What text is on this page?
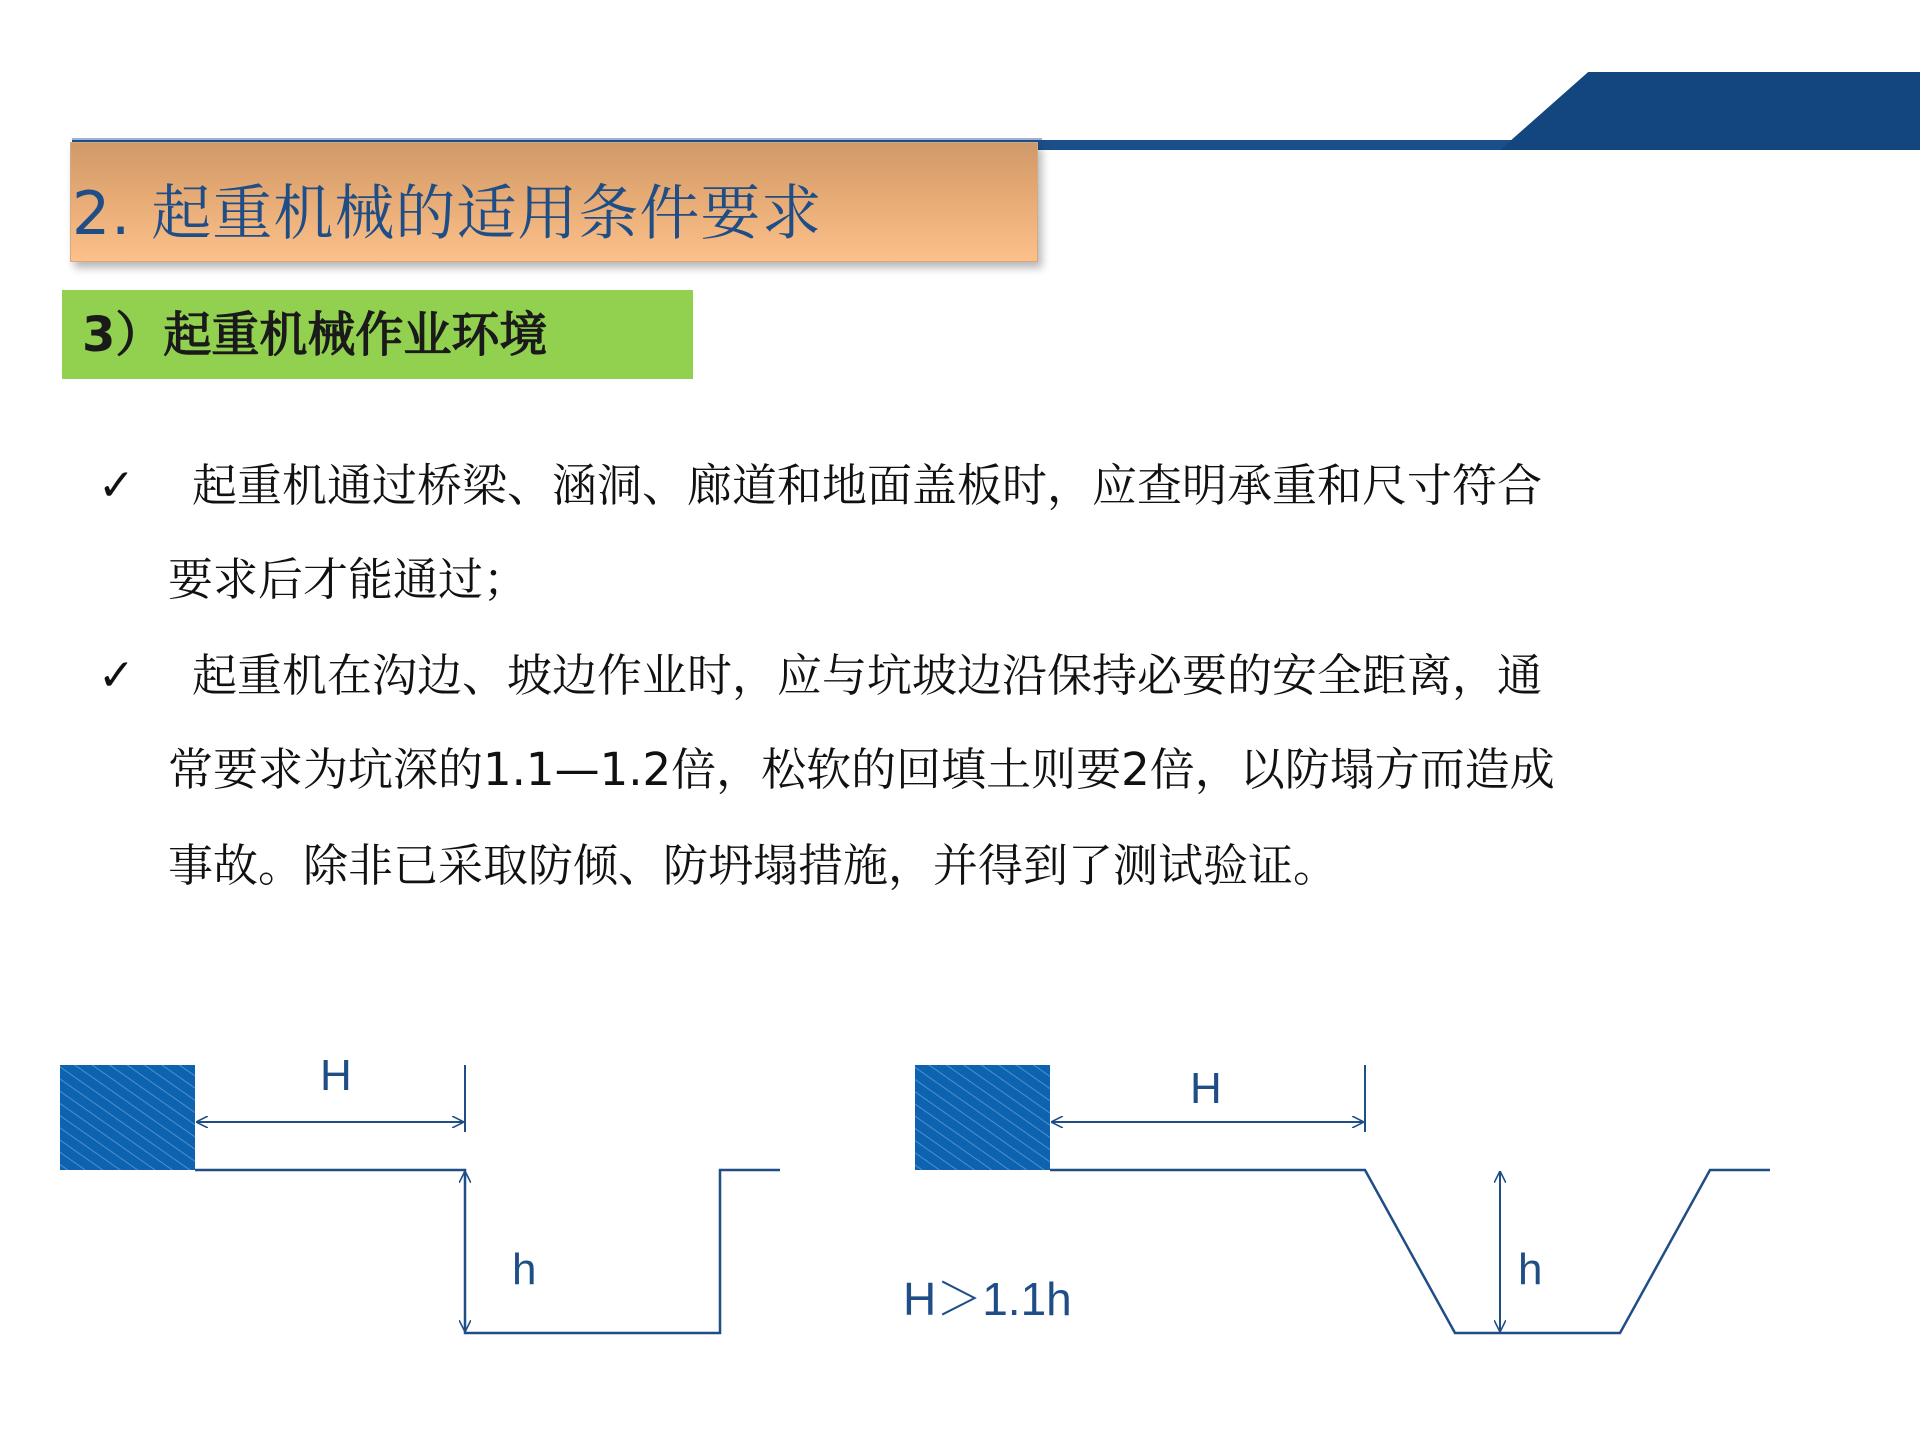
2. 起重机械的适用条件要求
3）起重机械作业环境
✓ 起重机通过桥梁、涵洞、廊道和地面盖板时，应查明承重和尺寸符合
要求后才能通过；
✓ 起重机在沟边、坡边作业时，应与坑坡边沿保持必要的安全距离，通
常要求为坑深的1.1—1.2倍，松软的回填土则要2倍，以防塌方而造成
事故。除非已采取防倾、防坍塌措施，并得到了测试验证。
H
h
H
h
H＞1.1h
